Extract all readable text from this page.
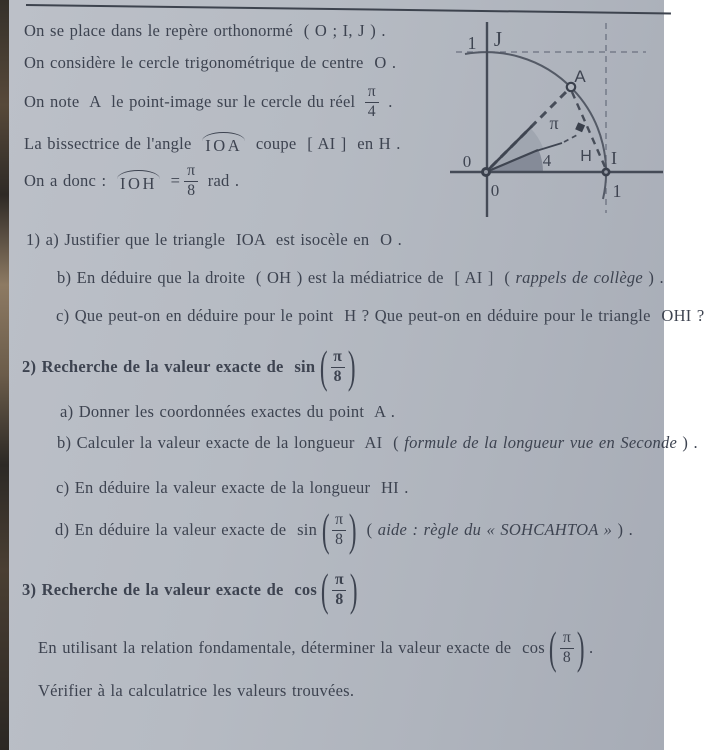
On se place dans le repère orthonormé  ( O ; I, J ) .
On considère le cercle trigonométrique de centre  O .
On note  A  le point-image sur le cercle du réel $\frac{\pi}{4}$ .
La bissectrice de l'angle IOA coupe  [ AI ]  en H .
On a donc : IOH = $\frac{\pi}{8}$ rad .
1) a) Justifier que le triangle  IOA  est isocèle en  O .
b) En déduire que la droite  ( OH ) est la médiatrice de  [ AI ]  ( rappels de collège ) .
c) Que peut-on en déduire pour le point  H ? Que peut-on en déduire pour le triangle  OHI ?
2) Recherche de la valeur exacte de  sin
( $\frac{\pi}{8}$ )
a) Donner les coordonnées exactes du point  A .
b) Calculer la valeur exacte de la longueur  AI  ( formule de la longueur vue en Seconde ) .
c) En déduire la valeur exacte de la longueur  HI .
d) En déduire la valeur exacte de  sin
( $\frac{\pi}{8}$ )
( aide : règle du « SOHCAHTOA » ) .
3) Recherche de la valeur exacte de  cos
( $\frac{\pi}{8}$ )
En utilisant la relation fondamentale, déterminer la valeur exacte de  cos
( $\frac{\pi}{8}$ )
.
Vérifier à la calculatrice les valeurs trouvées.
1 J
A
π
4 H
0
0
I
1
